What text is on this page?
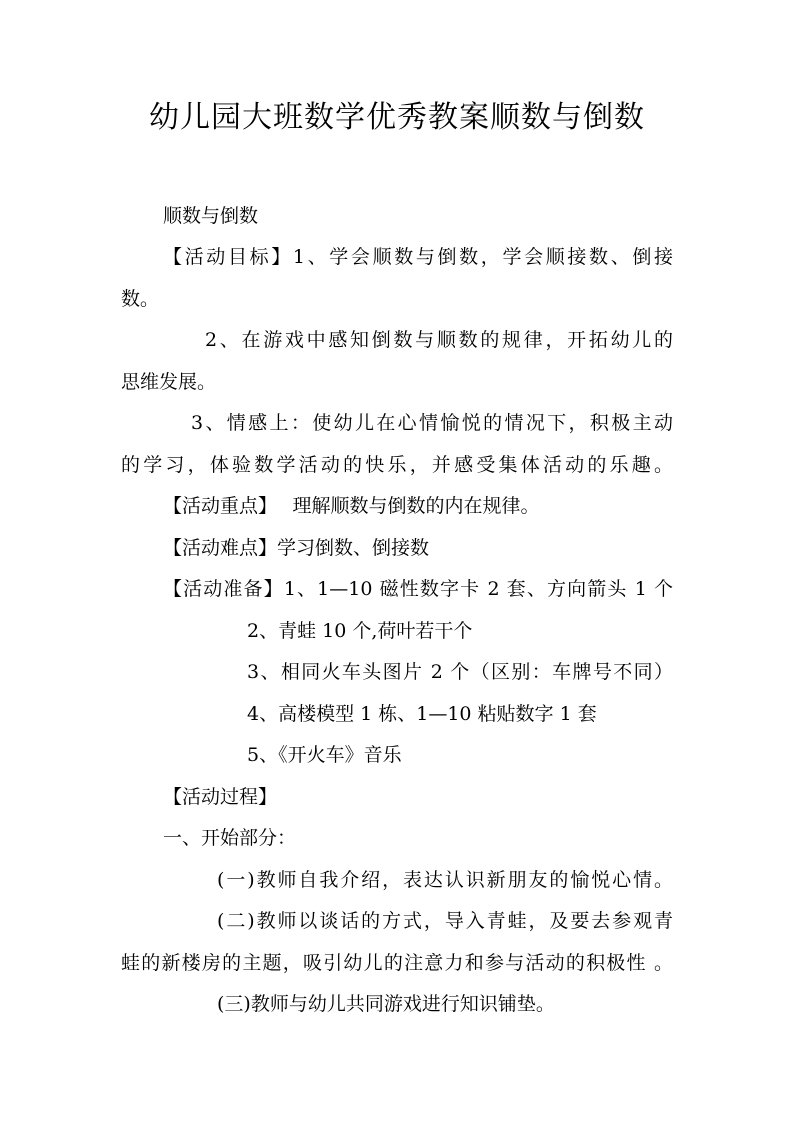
幼儿园大班数学优秀教案顺数与倒数

顺数与倒数

【活动目标】1、学会顺数与倒数，学会顺接数、倒接

数。

2、在游戏中感知倒数与顺数的规律，开拓幼儿的

思维发展。

3、情感上：使幼儿在心情愉悦的情况下，积极主动

的学习，体验数学活动的快乐，并感受集体活动的乐趣。

【活动重点】　 理解顺数与倒数的内在规律。

【活动难点】学习倒数、倒接数

【活动准备】1、1—10 磁性数字卡 2 套、方向箭头 1 个

2、青蛙 10 个,荷叶若干个

3、相同火车头图片 2 个（区别：车牌号不同）

4、高楼模型 1 栋、1—10 粘贴数字 1 套

5、《开火车》音乐

【活动过程】

一、开始部分：

(一)教师自我介绍，表达认识新朋友的愉悦心情。

(二)教师以谈话的方式，导入青蛙，及要去参观青

蛙的新楼房的主题，吸引幼儿的注意力和参与活动的积极性 。

(三)教师与幼儿共同游戏进行知识铺垫。
